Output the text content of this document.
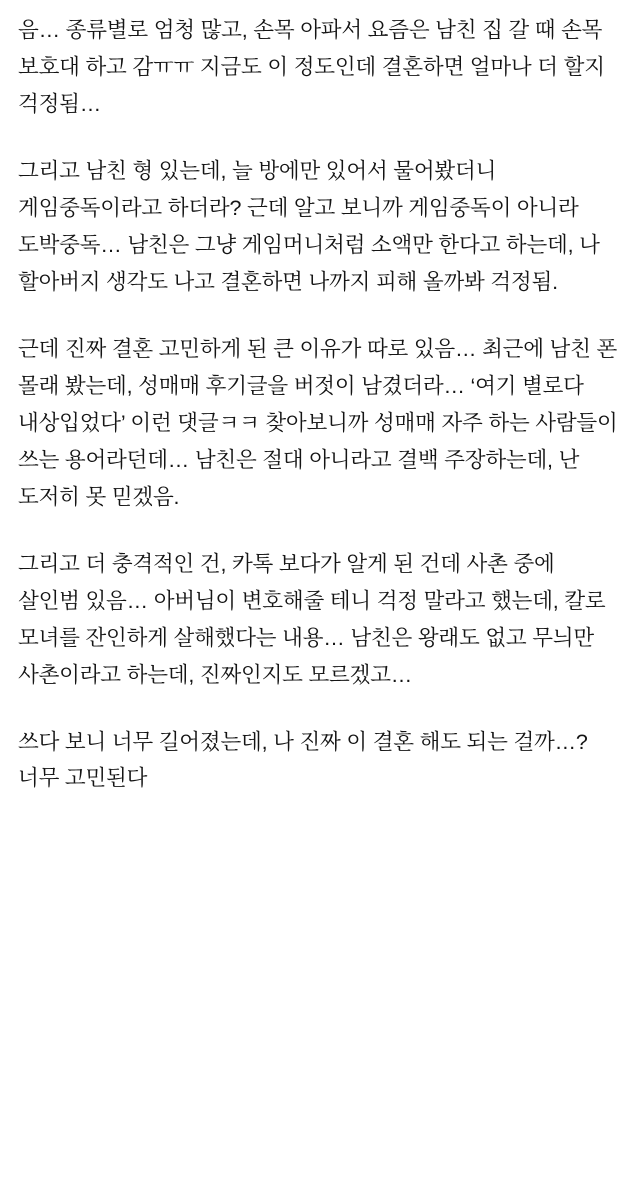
음… 종류별로 엄청 많고, 손목 아파서 요즘은 남친 집 갈 때 손목 보호대 하고 감ㅠㅠ 지금도 이 정도인데 결혼하면 얼마나 더 할지 걱정됨…

그리고 남친 형 있는데, 늘 방에만 있어서 물어봤더니 게임중독이라고 하더라? 근데 알고 보니까 게임중독이 아니라 도박중독… 남친은 그냥 게임머니처럼 소액만 한다고 하는데, 나 할아버지 생각도 나고 결혼하면 나까지 피해 올까봐 걱정됨.

근데 진짜 결혼 고민하게 된 큰 이유가 따로 있음… 최근에 남친 폰 몰래 봤는데, 성매매 후기글을 버젓이 남겼더라… ‘여기 별로다 내상입었다’ 이런 댓글ㅋㅋ 찾아보니까 성매매 자주 하는 사람들이 쓰는 용어라던데… 남친은 절대 아니라고 결백 주장하는데, 난 도저히 못 믿겠음.

그리고 더 충격적인 건, 카톡 보다가 알게 된 건데 사촌 중에 살인범 있음… 아버님이 변호해줄 테니 걱정 말라고 했는데, 칼로 모녀를 잔인하게 살해했다는 내용… 남친은 왕래도 없고 무늬만 사촌이라고 하는데, 진짜인지도 모르겠고…

쓰다 보니 너무 길어졌는데, 나 진짜 이 결혼 해도 되는 걸까…? 너무 고민된다
